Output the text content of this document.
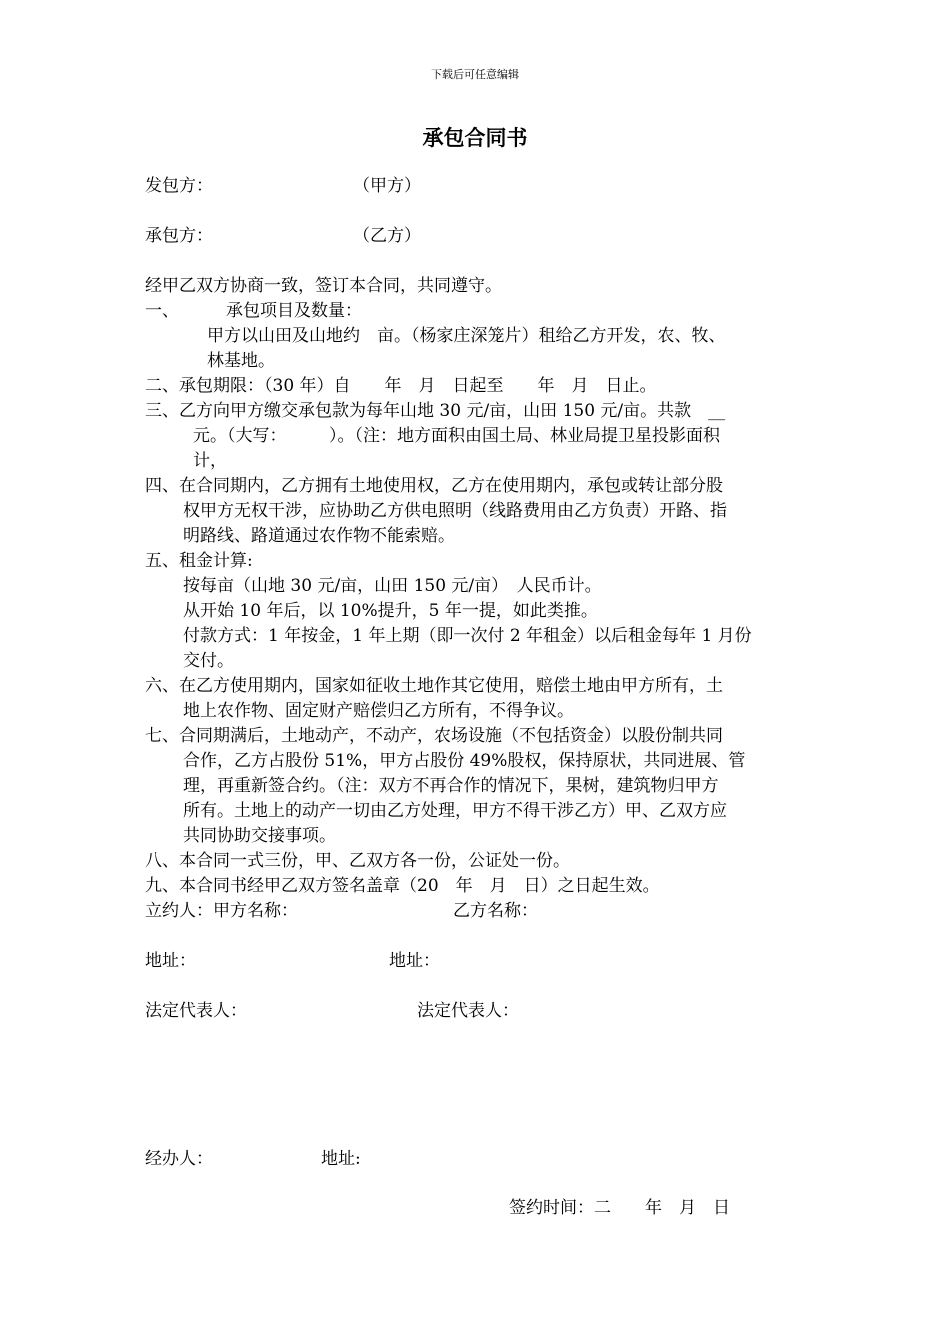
下载后可任意编辑
承包合同书
发包方：	（甲方）
承包方：	（乙方）
经甲乙双方协商一致，签订本合同，共同遵守。
一、	承包项目及数量：
甲方以山田及山地约　亩。（杨家庄深笼片）租给乙方开发，农、牧、
林基地。
二、承包期限：（30 年）自　　年　月　日起至　　年　月　日止。
三、乙方向甲方缴交承包款为每年山地 30 元/亩，山田 150 元/亩。共款　__
元。（大写：　　　）。（注：地方面积由国土局、林业局提卫星投影面积
计，
四、在合同期内，乙方拥有土地使用权，乙方在使用期内，承包或转让部分股
权甲方无权干涉，应协助乙方供电照明（线路费用由乙方负责）开路、指
明路线、路道通过农作物不能索赔。
五、租金计算:
按每亩（山地 30 元/亩，山田 150 元/亩）　人民币计。
从开始 10 年后，以 10%提升，5 年一提，如此类推。
付款方式：1 年按金，1 年上期（即一次付 2 年租金）以后租金每年 1 月份
交付。
六、在乙方使用期内，国家如征收土地作其它使用，赔偿土地由甲方所有，土
地上农作物、固定财产赔偿归乙方所有，不得争议。
七、合同期满后，土地动产，不动产，农场设施（不包括资金）以股份制共同
合作，乙方占股份 51%，甲方占股份 49%股权，保持原状，共同进展、管
理，再重新签合约。（注：双方不再合作的情况下，果树，建筑物归甲方
所有。土地上的动产一切由乙方处理，甲方不得干涉乙方）甲、乙双方应
共同协助交接事项。
八、本合同一式三份，甲、乙双方各一份，公证处一份。
九、本合同书经甲乙双方签名盖章（20　年　月　日）之日起生效。
立约人：甲方名称：	乙方名称：
地址：	地址：
法定代表人：	法定代表人：
经办人：	地址:
签约时间：二　　年　月　日
